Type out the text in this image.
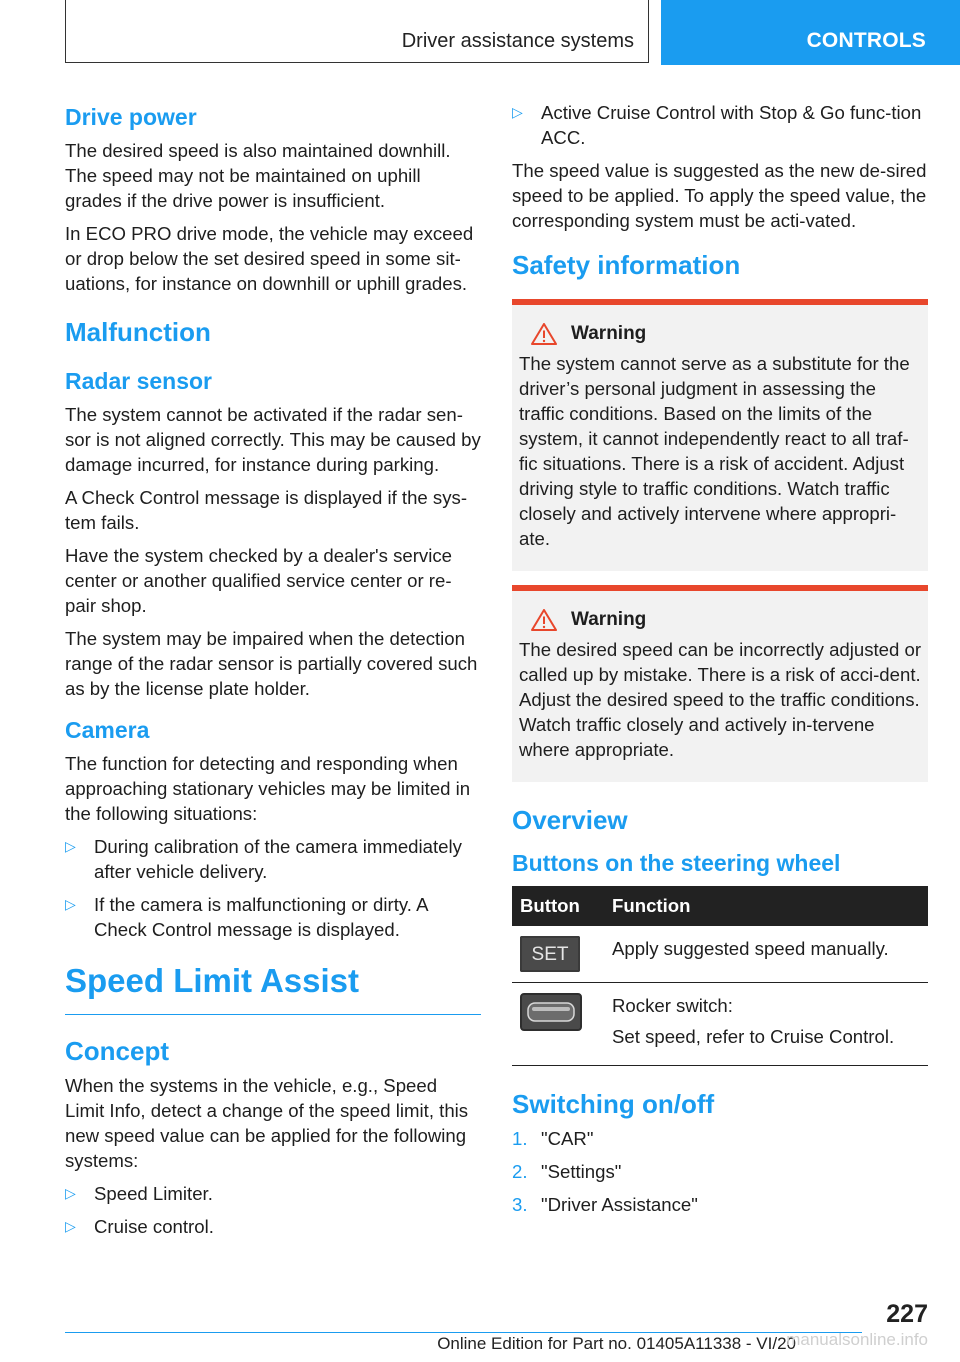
Driver assistance systems	CONTROLS
Drive power

The desired speed is also maintained downhill. The speed may not be maintained on uphill grades if the drive power is insufficient.

In ECO PRO drive mode, the vehicle may exceed or drop below the set desired speed in some sit-uations, for instance on downhill or uphill grades.

Malfunction
Radar sensor

The system cannot be activated if the radar sen-sor is not aligned correctly. This may be caused by damage incurred, for instance during parking.

A Check Control message is displayed if the sys-tem fails.

Have the system checked by a dealer's service center or another qualified service center or re-pair shop.

The system may be impaired when the detection range of the radar sensor is partially covered such as by the license plate holder.

Camera

The function for detecting and responding when approaching stationary vehicles may be limited in the following situations:

▷ During calibration of the camera immediately after vehicle delivery.
▷ If the camera is malfunctioning or dirty. A Check Control message is displayed.
Speed Limit Assist
Concept

When the systems in the vehicle, e.g., Speed Limit Info, detect a change of the speed limit, this new speed value can be applied for the following systems:

▷ Speed Limiter.
▷ Cruise control.
▷ Active Cruise Control with Stop & Go func-tion ACC.

The speed value is suggested as the new de-sired speed to be applied. To apply the speed value, the corresponding system must be acti-vated.

Safety information
Warning

The system cannot serve as a substitute for the driver’s personal judgment in assessing the traffic conditions. Based on the limits of the system, it cannot independently react to all traf-fic situations. There is a risk of accident. Adjust driving style to traffic conditions. Watch traffic closely and actively intervene where appropri-ate.

Warning

The desired speed can be incorrectly adjusted or called up by mistake. There is a risk of acci-dent. Adjust the desired speed to the traffic conditions. Watch traffic closely and actively in-tervene where appropriate.

Overview
Buttons on the steering wheel
Button	Function

SET	Apply suggested speed manually.

Rocker switch:

Set speed, refer to Cruise Control.

Switching on/off
1. "CAR"
2. "Settings"
3. "Driver Assistance"
227
Online Edition for Part no. 01405A11338 - VI/20
manualsonline.info
